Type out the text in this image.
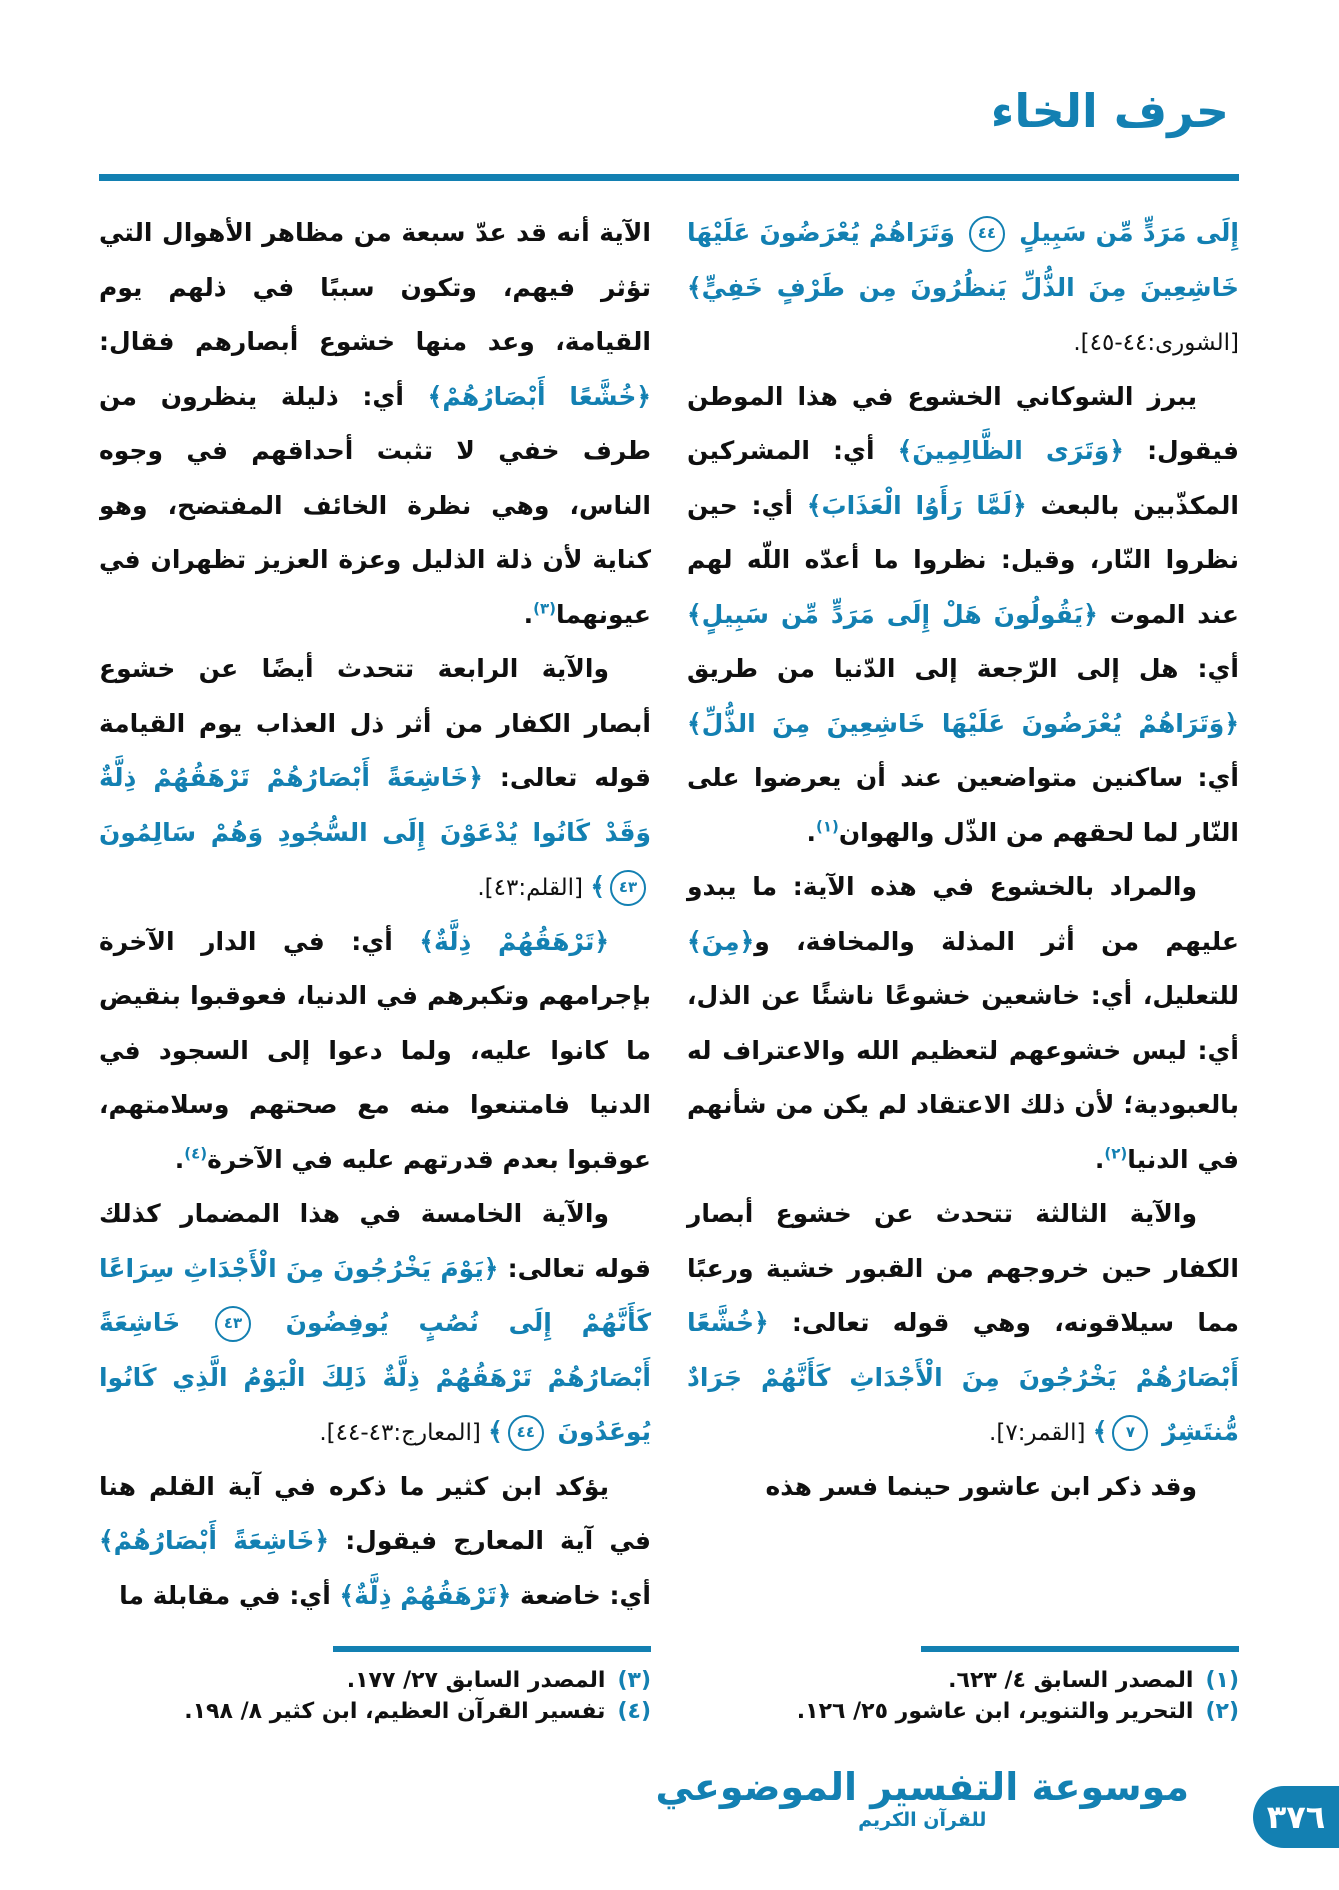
حرف الخاء

إِلَى مَرَدٍّ مِّن سَبِيلٍ ٤٤ وَتَرَاهُمْ يُعْرَضُونَ عَلَيْهَا خَاشِعِينَ مِنَ الذُّلِّ يَنظُرُونَ مِن طَرْفٍ خَفِيٍّ﴾ [الشورى:٤٤-٤٥].

يبرز الشوكاني الخشوع في هذا الموطن فيقول: ﴿وَتَرَى الظَّالِمِينَ﴾ أي: المشركين المكذّبين بالبعث ﴿لَمَّا رَأَوُا الْعَذَابَ﴾ أي: حين نظروا النّار، وقيل: نظروا ما أعدّه اللّه لهم عند الموت ﴿يَقُولُونَ هَلْ إِلَى مَرَدٍّ مِّن سَبِيلٍ﴾ أي: هل إلى الرّجعة إلى الدّنيا من طريق ﴿وَتَرَاهُمْ يُعْرَضُونَ عَلَيْهَا خَاشِعِينَ مِنَ الذُّلِّ﴾ أي: ساكنين متواضعين عند أن يعرضوا على النّار لما لحقهم من الذّل والهوان$^{(١)}$.

والمراد بالخشوع في هذه الآية: ما يبدو عليهم من أثر المذلة والمخافة، و﴿مِنَ﴾ للتعليل، أي: خاشعين خشوعًا ناشئًا عن الذل، أي: ليس خشوعهم لتعظيم الله والاعتراف له بالعبودية؛ لأن ذلك الاعتقاد لم يكن من شأنهم في الدنيا$^{(٢)}$.

والآية الثالثة تتحدث عن خشوع أبصار الكفار حين خروجهم من القبور خشية ورعبًا مما سيلاقونه، وهي قوله تعالى: ﴿خُشَّعًا أَبْصَارُهُمْ يَخْرُجُونَ مِنَ الْأَجْدَاثِ كَأَنَّهُمْ جَرَادٌ مُّنتَشِرٌ ٧﴾ [القمر:٧].

وقد ذكر ابن عاشور حينما فسر هذه

الآية أنه قد عدّ سبعة من مظاهر الأهوال التي تؤثر فيهم، وتكون سببًا في ذلهم يوم القيامة، وعد منها خشوع أبصارهم فقال: ﴿خُشَّعًا أَبْصَارُهُمْ﴾ أي: ذليلة ينظرون من طرف خفي لا تثبت أحداقهم في وجوه الناس، وهي نظرة الخائف المفتضح، وهو كناية لأن ذلة الذليل وعزة العزيز تظهران في عيونهما$^{(٣)}$.

والآية الرابعة تتحدث أيضًا عن خشوع أبصار الكفار من أثر ذل العذاب يوم القيامة قوله تعالى: ﴿خَاشِعَةً أَبْصَارُهُمْ تَرْهَقُهُمْ ذِلَّةٌ وَقَدْ كَانُوا يُدْعَوْنَ إِلَى السُّجُودِ وَهُمْ سَالِمُونَ ٤٣﴾ [القلم:٤٣].

﴿تَرْهَقُهُمْ ذِلَّةٌ﴾ أي: في الدار الآخرة بإجرامهم وتكبرهم في الدنيا، فعوقبوا بنقيض ما كانوا عليه، ولما دعوا إلى السجود في الدنيا فامتنعوا منه مع صحتهم وسلامتهم، عوقبوا بعدم قدرتهم عليه في الآخرة$^{(٤)}$.

والآية الخامسة في هذا المضمار كذلك قوله تعالى: ﴿يَوْمَ يَخْرُجُونَ مِنَ الْأَجْدَاثِ سِرَاعًا كَأَنَّهُمْ إِلَى نُصُبٍ يُوفِضُونَ ٤٣ خَاشِعَةً أَبْصَارُهُمْ تَرْهَقُهُمْ ذِلَّةٌ ذَلِكَ الْيَوْمُ الَّذِي كَانُوا يُوعَدُونَ ٤٤﴾ [المعارج:٤٣-٤٤].

يؤكد ابن كثير ما ذكره في آية القلم هنا في آية المعارج فيقول: ﴿خَاشِعَةً أَبْصَارُهُمْ﴾ أي: خاضعة ﴿تَرْهَقُهُمْ ذِلَّةٌ﴾ أي: في مقابلة ما

(١)
المصدر السابق ٤/ ٦٢٣.
(٢)
التحرير والتنوير، ابن عاشور ٢٥/ ١٢٦.
(٣)
المصدر السابق ٢٧/ ١٧٧.
(٤)
تفسير القرآن العظيم، ابن كثير ٨/ ١٩٨.
موسوعة التفسير الموضوعي
للقرآن الكريم	٣٧٦
